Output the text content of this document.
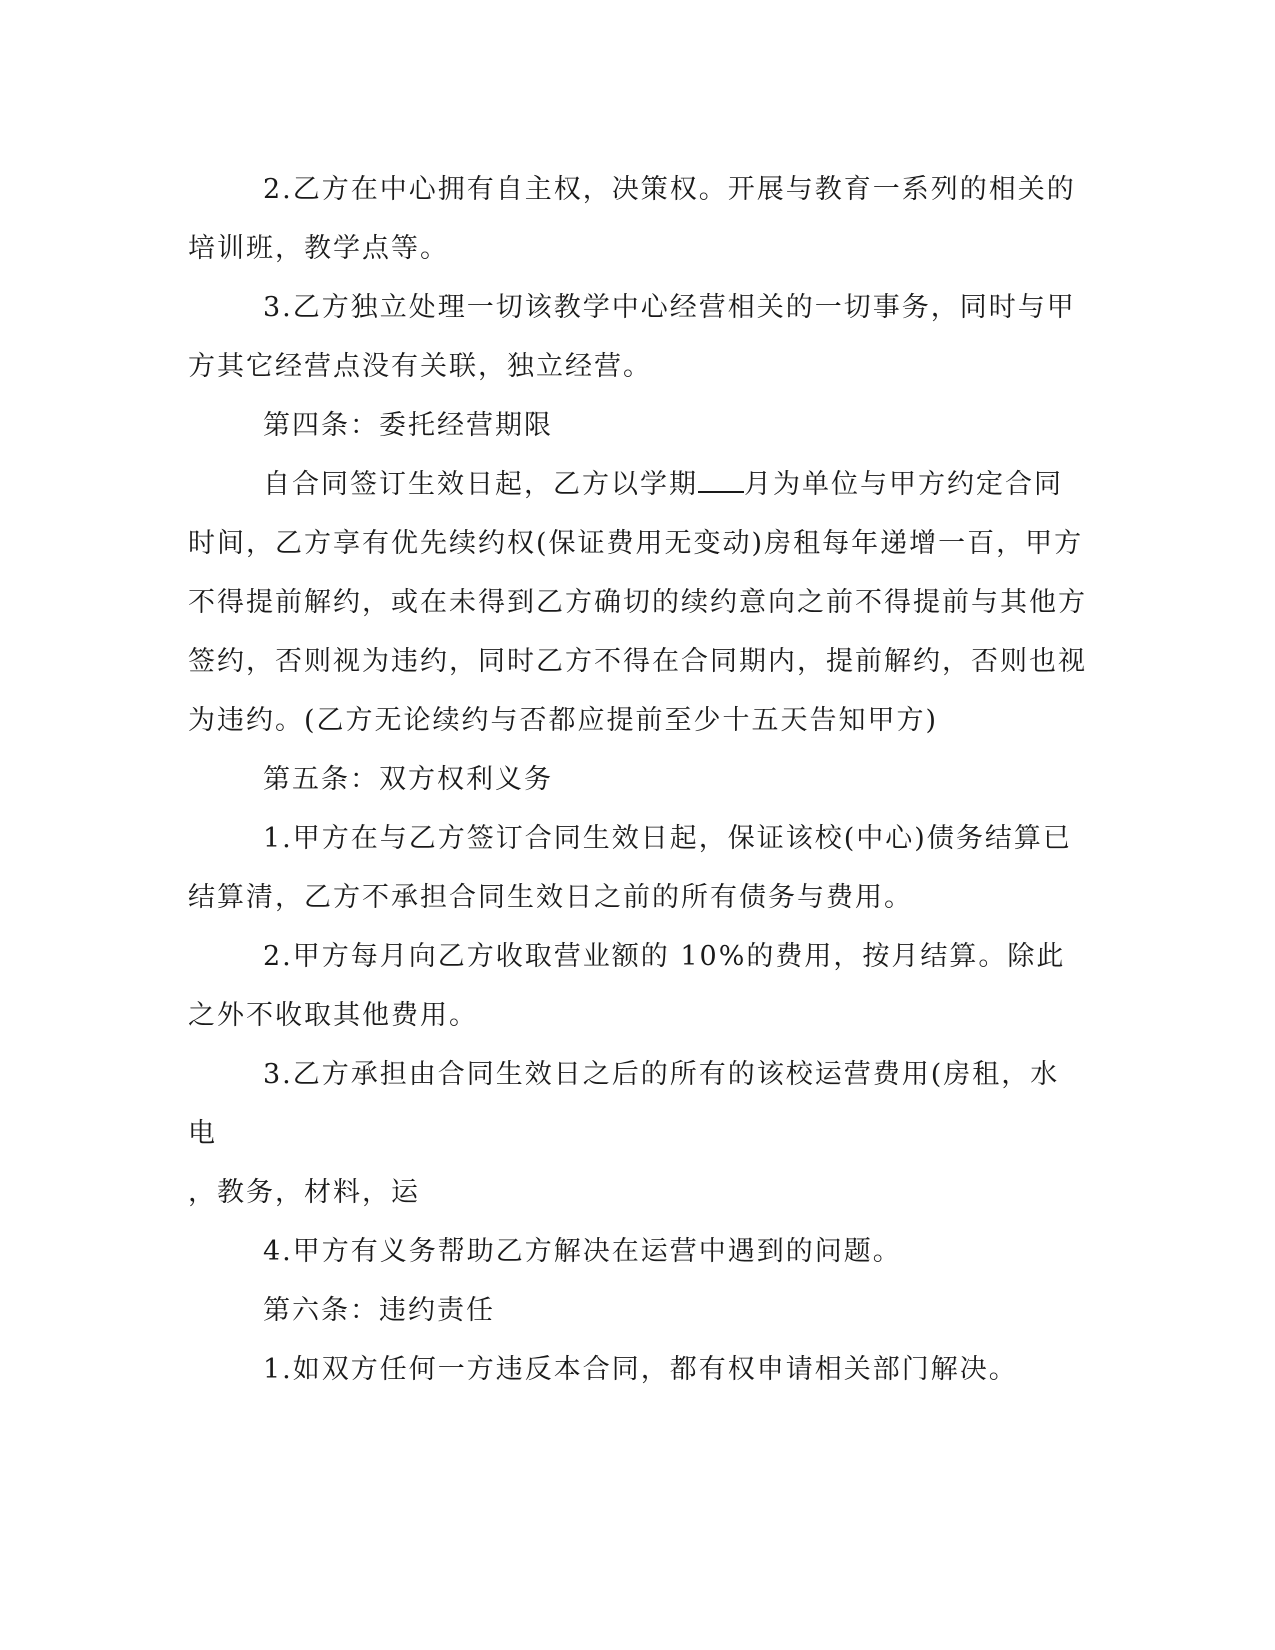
2.乙方在中心拥有自主权，决策权。开展与教育一系列的相关的培训班，教学点等。

3.乙方独立处理一切该教学中心经营相关的一切事务，同时与甲方其它经营点没有关联，独立经营。

第四条：委托经营期限

自合同签订生效日起，乙方以学期 月为单位与甲方约定合同时间，乙方享有优先续约权(保证费用无变动)房租每年递增一百，甲方不得提前解约，或在未得到乙方确切的续约意向之前不得提前与其他方签约，否则视为违约，同时乙方不得在合同期内，提前解约，否则也视为违约。(乙方无论续约与否都应提前至少十五天告知甲方)

第五条：双方权利义务

1.甲方在与乙方签订合同生效日起，保证该校(中心)债务结算已结算清，乙方不承担合同生效日之前的所有债务与费用。

2.甲方每月向乙方收取营业额的 10%的费用，按月结算。除此之外不收取其他费用。

3.乙方承担由合同生效日之后的所有的该校运营费用(房租，水电

，教务，材料，运

4.甲方有义务帮助乙方解决在运营中遇到的问题。

第六条：违约责任

1.如双方任何一方违反本合同，都有权申请相关部门解决。
